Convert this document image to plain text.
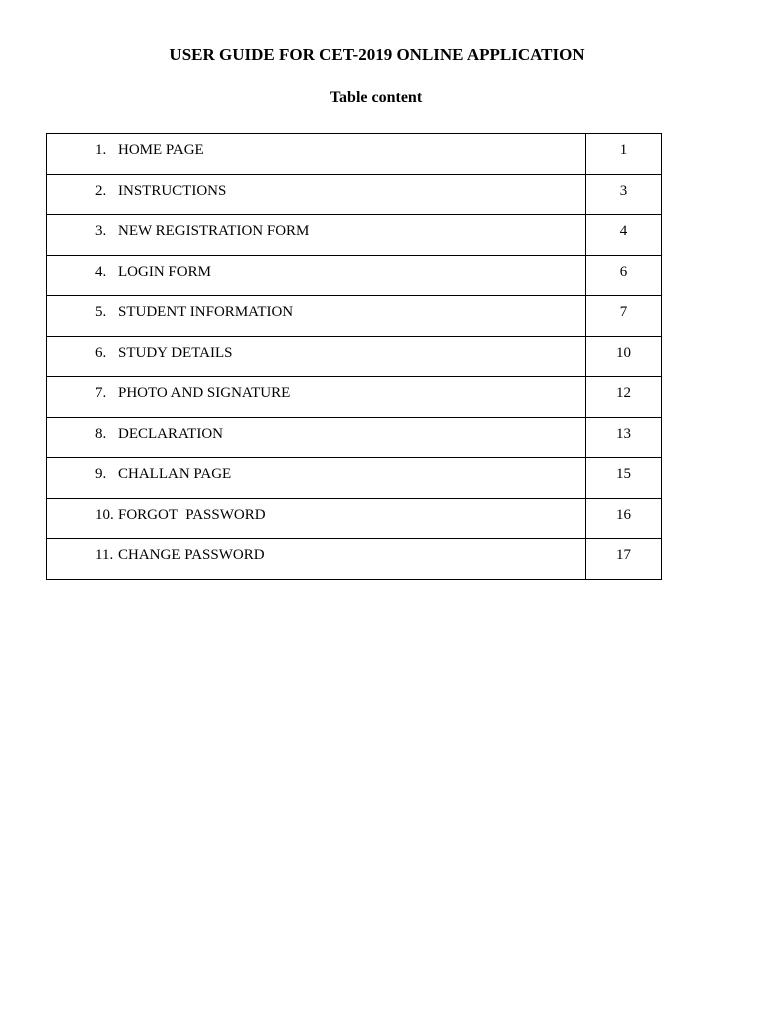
USER GUIDE FOR CET-2019 ONLINE APPLICATION
Table content
1. HOME PAGE	1

2. INSTRUCTIONS	3

3. NEW REGISTRATION FORM	4

4. LOGIN FORM	6

5. STUDENT INFORMATION	7

6. STUDY DETAILS	10

7. PHOTO AND SIGNATURE	12

8. DECLARATION	13

9. CHALLAN PAGE	15

10. FORGOT  PASSWORD	16

11. CHANGE PASSWORD	17
